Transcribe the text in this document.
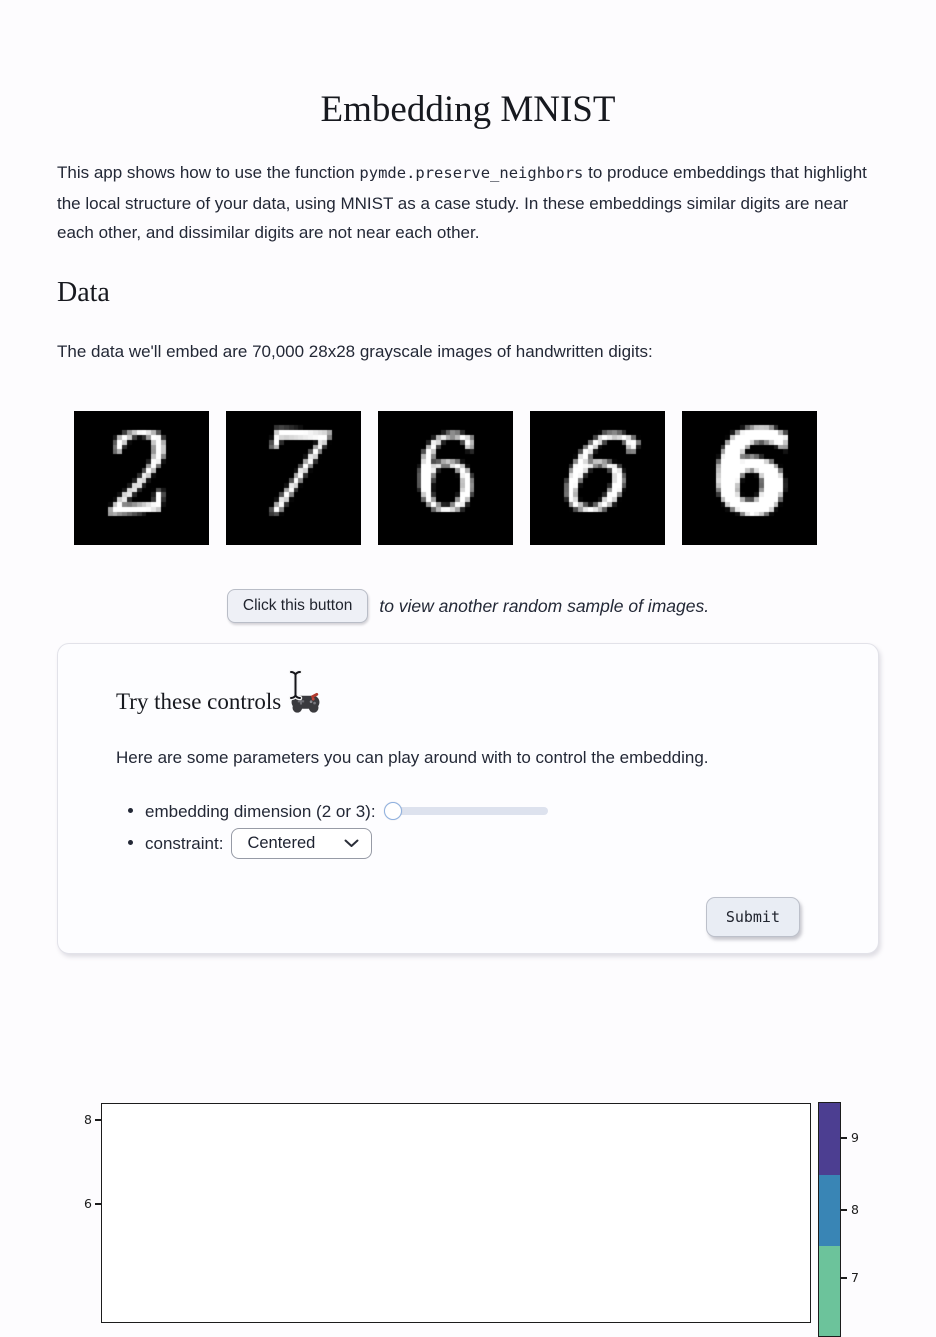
Embedding MNIST

This app shows how to use the function pymde.preserve_neighbors to produce embeddings that highlight the local structure of your data, using MNIST as a case study. In these embeddings similar digits are near each other, and dissimilar digits are not near each other.

Data

The data we'll embed are 70,000 28x28 grayscale images of handwritten digits:

Click this button	to view another random sample of images.
Try these controls

Here are some parameters you can play around with to control the embedding.

• embedding dimension (2 or 3):
• constraint: Centered
Submit
8
6
9
8
7
